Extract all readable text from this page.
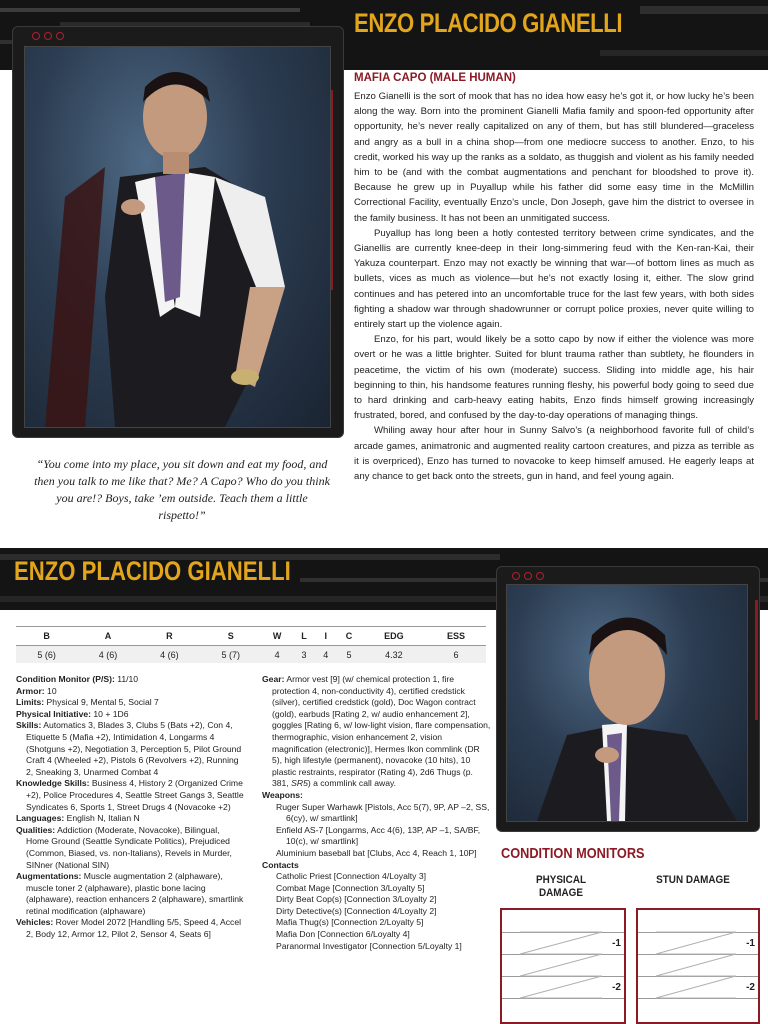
ENZO PLACIDO GIANELLI
MAFIA CAPO (MALE HUMAN)

Enzo Gianelli is the sort of mook that has no idea how easy he’s got it, or how lucky he’s been along the way. Born into the prominent Gianelli Mafia family and spoon-fed opportunity after opportunity, he’s never really capitalized on any of them, but has still blundered—graceless and angry as a bull in a china shop—from one mediocre success to another. Enzo, to his credit, worked his way up the ranks as a soldato, as thuggish and violent as his family needed him to be (and with the combat augmentations and penchant for bloodshed to prove it). Because he grew up in Puyallup while his father did some easy time in the McMillin Correctional Facility, eventually Enzo’s uncle, Don Joseph, gave him the district to oversee in the family business. It has not been an unmitigated success.

Puyallup has long been a hotly contested territory between crime syndicates, and the Gianellis are currently knee-deep in their long-simmering feud with the Ken-ran-Kai, their Yakuza counterpart. Enzo may not exactly be winning that war—of bottom lines as much as bullets, vices as much as violence—but he’s not exactly losing it, either. The slow grind continues and has petered into an uncomfortable truce for the last few years, with both sides fighting a shadow war through shadowrunner or corrupt police proxies, never quite willing to entirely start up the violence again.

Enzo, for his part, would likely be a sotto capo by now if either the violence was more overt or he was a little brighter. Suited for blunt trauma rather than subtlety, he flounders in peacetime, the victim of his own (moderate) success. Sliding into middle age, his hair beginning to thin, his handsome features running fleshy, his powerful body going to seed due to hard drinking and carb-heavy eating habits, Enzo finds himself growing increasingly frustrated, bored, and confused by the day-to-day operations of managing things.

Whiling away hour after hour in Sunny Salvo’s (a neighborhood favorite full of child’s arcade games, animatronic and augmented reality cartoon creatures, and pizza as terrible as it is overpriced), Enzo has turned to novacoke to keep himself amused. He eagerly leaps at any chance to get back onto the streets, gun in hand, and feel young again.

“You come into my place, you sit down and eat my food, and then you talk to me like that? Me? A Capo? Who do you think you are!? Boys, take ’em outside. Teach them a little rispetto!”
ENZO PLACIDO GIANELLI
B	A	R	S	W	L	I	C	EDG	ESS
5 (6)	4 (6)	4 (6)	5 (7)	4	3	4	5	4.32	6

Condition Monitor (P/S): 11/10

Armor: 10

Limits: Physical 9, Mental 5, Social 7

Physical Initiative: 10 + 1D6

Skills: Automatics 3, Blades 3, Clubs 5 (Bats +2), Con 4, Etiquette 5 (Mafia +2), Intimidation 4, Longarms 4 (Shotguns +2), Negotiation 3, Perception 5, Pilot Ground Craft 4 (Wheeled +2), Pistols 6 (Revolvers +2), Running 2, Sneaking 3, Unarmed Combat 4

Knowledge Skills: Business 4, History 2 (Organized Crime +2), Police Procedures 4, Seattle Street Gangs 3, Seattle Syndicates 6, Sports 1, Street Drugs 4 (Novacoke +2)

Languages: English N, Italian N

Qualities: Addiction (Moderate, Novacoke), Bilingual, Home Ground (Seattle Syndicate Politics), Prejudiced (Common, Biased, vs. non-Italians), Revels in Murder, SINner (National SIN)

Augmentations: Muscle augmentation 2 (alphaware), muscle toner 2 (alphaware), plastic bone lacing (alphaware), reaction enhancers 2 (alphaware), smartlink retinal modification (alphaware)

Vehicles: Rover Model 2072 [Handling 5/5, Speed 4, Accel 2, Body 12, Armor 12, Pilot 2, Sensor 4, Seats 6]

Gear: Armor vest [9] (w/ chemical protection 1, fire protection 4, non-conductivity 4), certified credstick (silver), certified credstick (gold), Doc Wagon contract (gold), earbuds [Rating 2, w/ audio enhancement 2], goggles [Rating 6, w/ low-light vision, flare compensation, thermographic, vision enhancement 2, vision magnification (electronic)], Hermes Ikon commlink (DR 5), high lifestyle (permanent), novacoke (10 hits), 10 plastic restraints, respirator (Rating 4), 2d6 Thugs (p. 381, SR5) a commlink call away.

Weapons:

Ruger Super Warhawk [Pistols, Acc 5(7), 9P, AP –2, SS, 6(cy), w/ smartlink]

Enfield AS-7 [Longarms, Acc 4(6), 13P, AP –1, SA/BF, 10(c), w/ smartlink]

Aluminium baseball bat [Clubs, Acc 4, Reach 1, 10P]

Contacts

Catholic Priest [Connection 4/Loyalty 3]

Combat Mage [Connection 3/Loyalty 5]

Dirty Beat Cop(s) [Connection 3/Loyalty 2]

Dirty Detective(s) [Connection 4/Loyalty 2]

Mafia Thug(s) [Connection 2/Loyalty 5]

Mafia Don [Connection 6/Loyalty 4]

Paranormal Investigator [Connection 5/Loyalty 1]

CONDITION MONITORS
PHYSICAL DAMAGE
STUN DAMAGE
-1
-2
-1
-2
